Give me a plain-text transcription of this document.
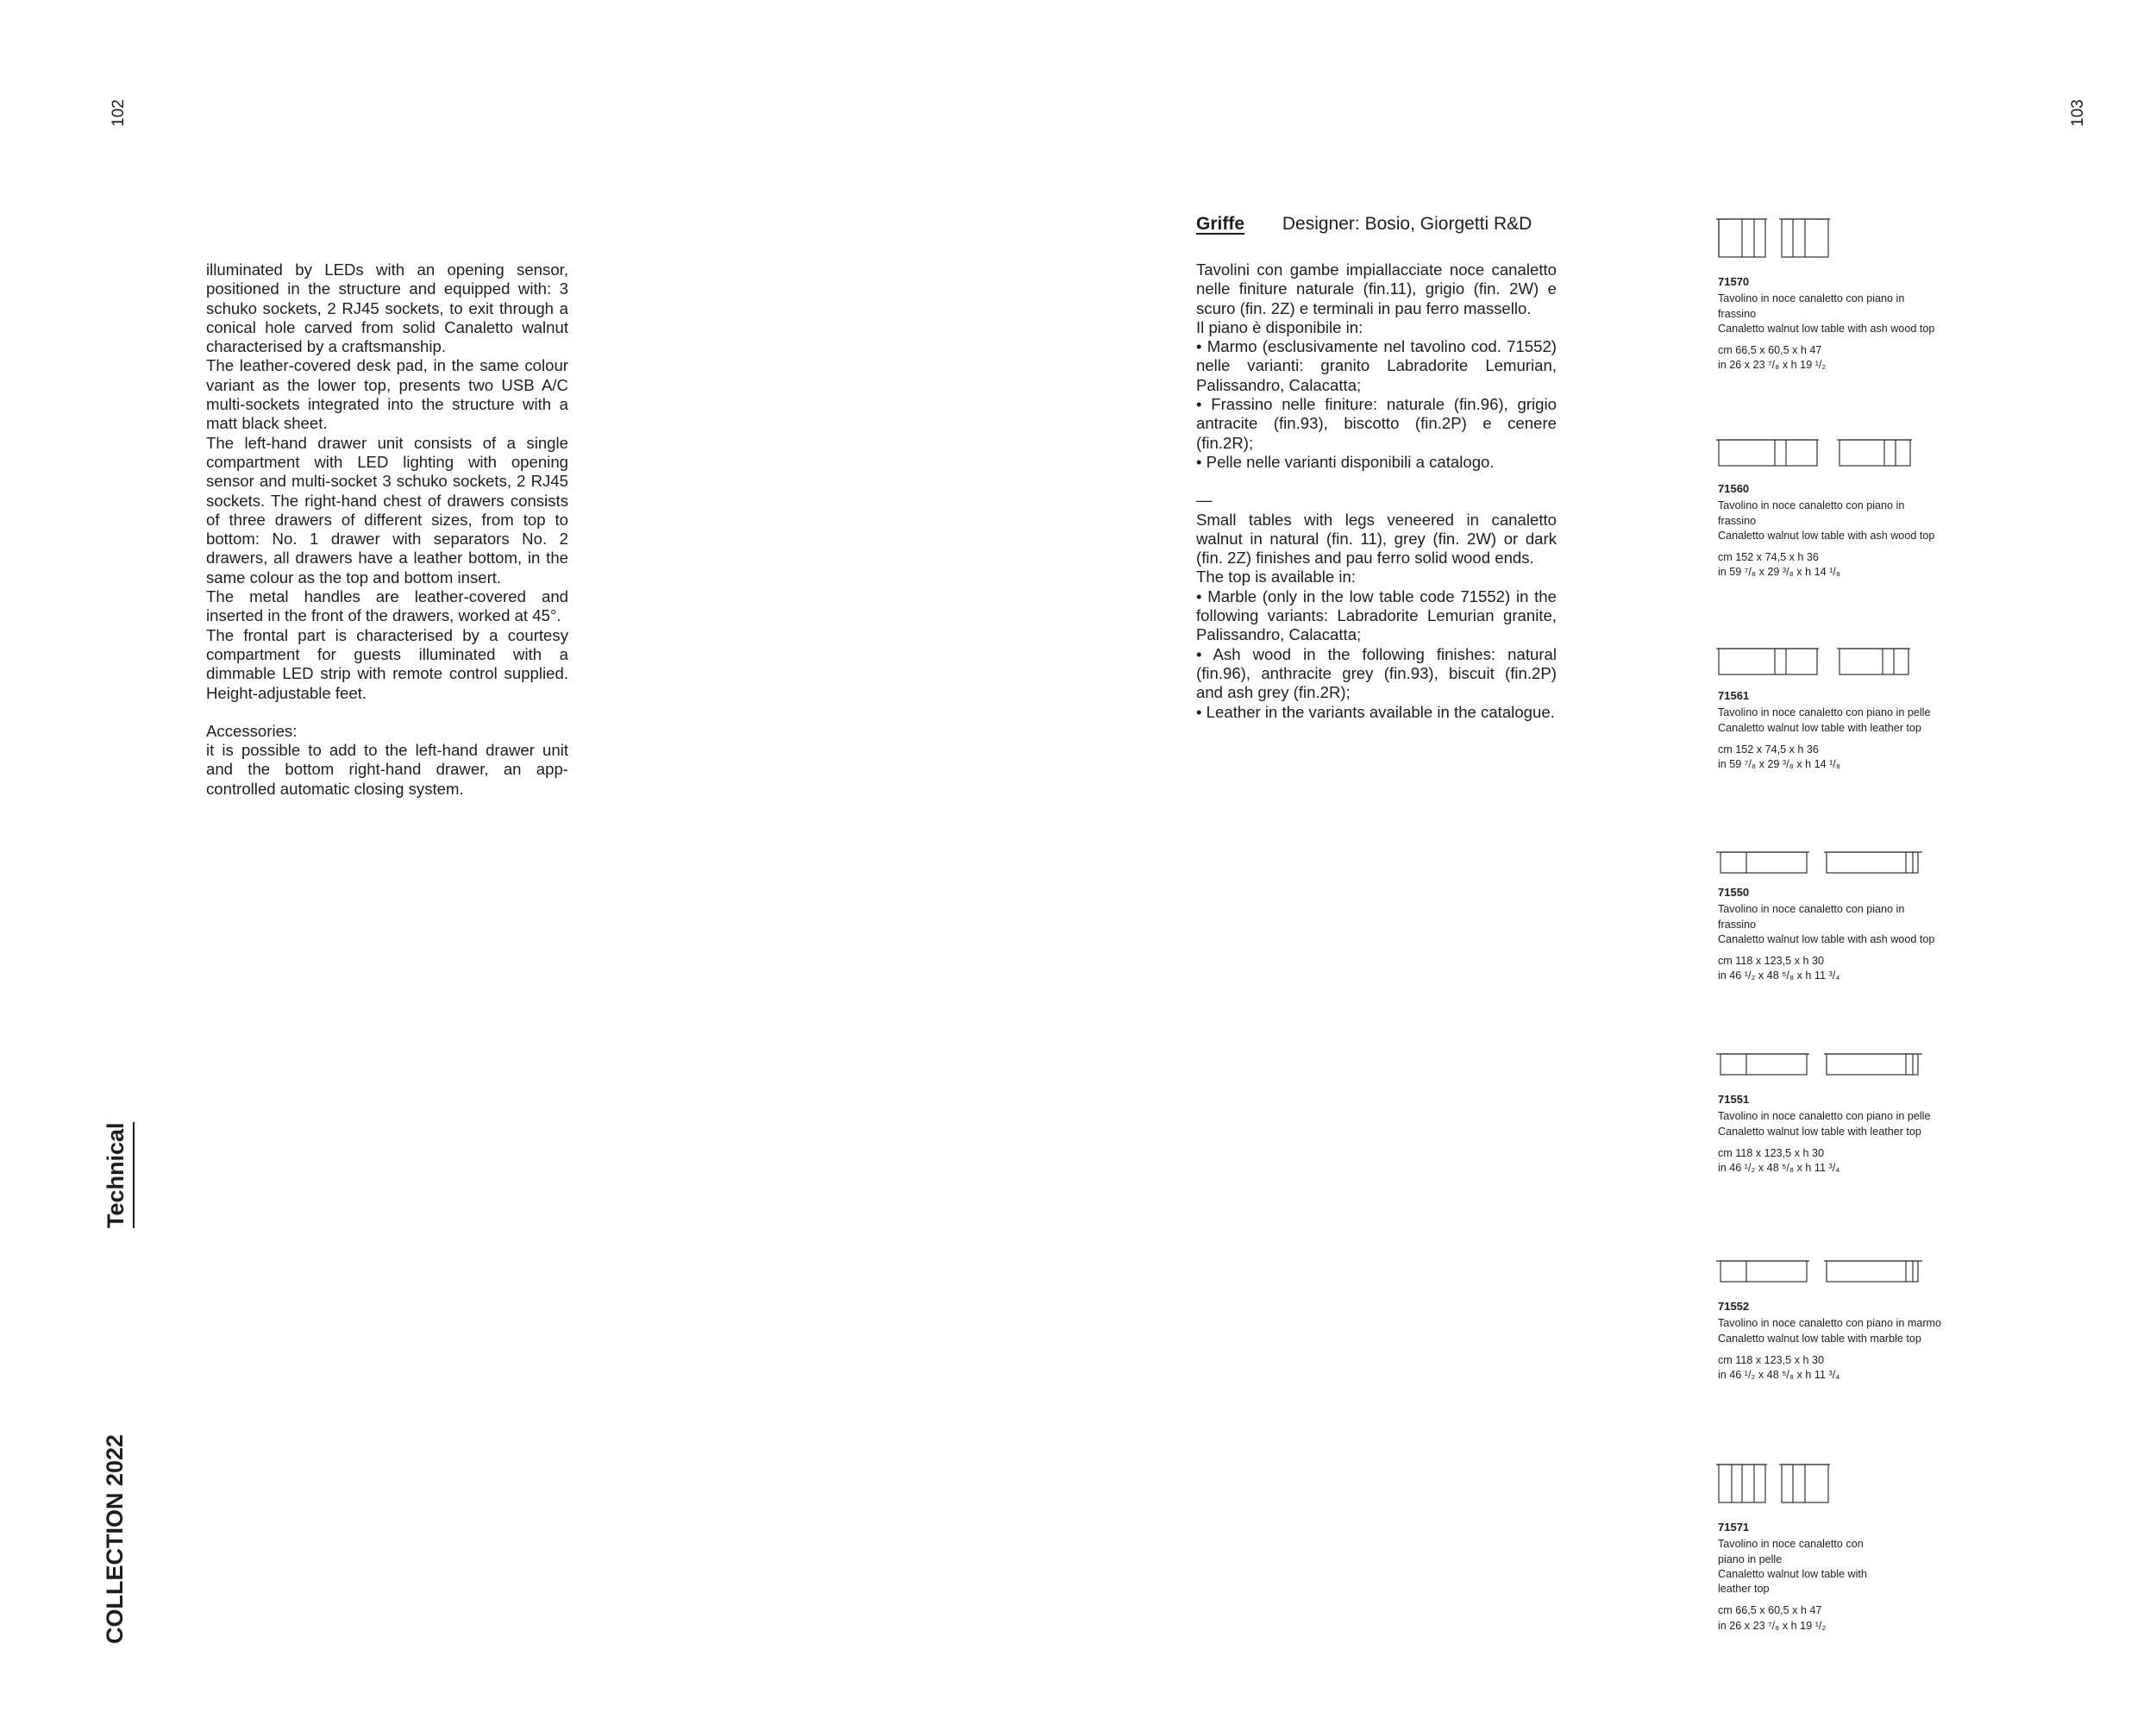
102	103
Technical
COLLECTION 2022

illuminated by LEDs with an opening sensor, positioned in the structure and equipped with: 3 schuko sockets, 2 RJ45 sockets, to exit through a conical hole carved from solid Canaletto walnut characterised by a craftsmanship.

The leather-covered desk pad, in the same colour variant as the lower top, presents two USB A/C multi-sockets integrated into the structure with a matt black sheet.

The left-hand drawer unit consists of a single compartment with LED lighting with opening sensor and multi-socket 3 schuko sockets, 2 RJ45 sockets. The right-hand chest of drawers consists of three drawers of different sizes, from top to bottom: No. 1 drawer with separators No. 2 drawers, all drawers have a leather bottom, in the same colour as the top and bottom insert.

The metal handles are leather-covered and inserted in the front of the drawers, worked at 45°.

The frontal part is characterised by a courtesy compartment for guests illuminated with a dimmable LED strip with remote control supplied. Height-adjustable feet.

Accessories:

it is possible to add to the left-hand drawer unit and the bottom right-hand drawer, an app-controlled automatic closing system.

Griffe Designer: Bosio, Giorgetti R&D

Tavolini con gambe impiallacciate noce canaletto nelle finiture naturale (fin.11), grigio (fin. 2W) e scuro (fin. 2Z) e terminali in pau ferro massello.

Il piano è disponibile in:

• Marmo (esclusivamente nel tavolino cod. 71552) nelle varianti: granito Labradorite Lemurian, Palissandro, Calacatta;

• Frassino nelle finiture: naturale (fin.96), grigio antracite (fin.93), biscotto (fin.2P) e cenere (fin.2R);

• Pelle nelle varianti disponibili a catalogo.

—

Small tables with legs veneered in canaletto walnut in natural (fin. 11), grey (fin. 2W) or dark (fin. 2Z) finishes and pau ferro solid wood ends.

The top is available in:

• Marble (only in the low table code 71552) in the following variants: Labradorite Lemurian granite, Palissandro, Calacatta;

• Ash wood in the following finishes: natural (fin.96), anthracite grey (fin.93), biscuit (fin.2P) and ash grey (fin.2R);

• Leather in the variants available in the catalogue.

71570

Tavolino in noce canaletto con piano in frassino

Canaletto walnut low table with ash wood top

cm 66,5 x 60,5 x h 47

in 26 x 23 ⁷/₈ x h 19 ¹/₂

71560

Tavolino in noce canaletto con piano in frassino

Canaletto walnut low table with ash wood top

cm 152 x 74,5 x h 36

in 59 ⁷/₈ x 29 ³/₈ x h 14 ¹/₈

71561

Tavolino in noce canaletto con piano in pelle

Canaletto walnut low table with leather top

cm 152 x 74,5 x h 36

in 59 ⁷/₈ x 29 ³/₈ x h 14 ¹/₈

71550

Tavolino in noce canaletto con piano in frassino

Canaletto walnut low table with ash wood top

cm 118 x 123,5 x h 30

in 46 ¹/₂ x 48 ⁵/₈ x h 11 ³/₄

71551

Tavolino in noce canaletto con piano in pelle

Canaletto walnut low table with leather top

cm 118 x 123,5 x h 30

in 46 ¹/₂ x 48 ⁵/₈ x h 11 ³/₄

71552

Tavolino in noce canaletto con piano in marmo

Canaletto walnut low table with marble top

cm 118 x 123,5 x h 30

in 46 ¹/₂ x 48 ⁵/₈ x h 11 ³/₄

71571

Tavolino in noce canaletto con piano in pelle

Canaletto walnut low table with leather top

cm 66,5 x 60,5 x h 47

in 26 x 23 ⁷/₈ x h 19 ¹/₂
